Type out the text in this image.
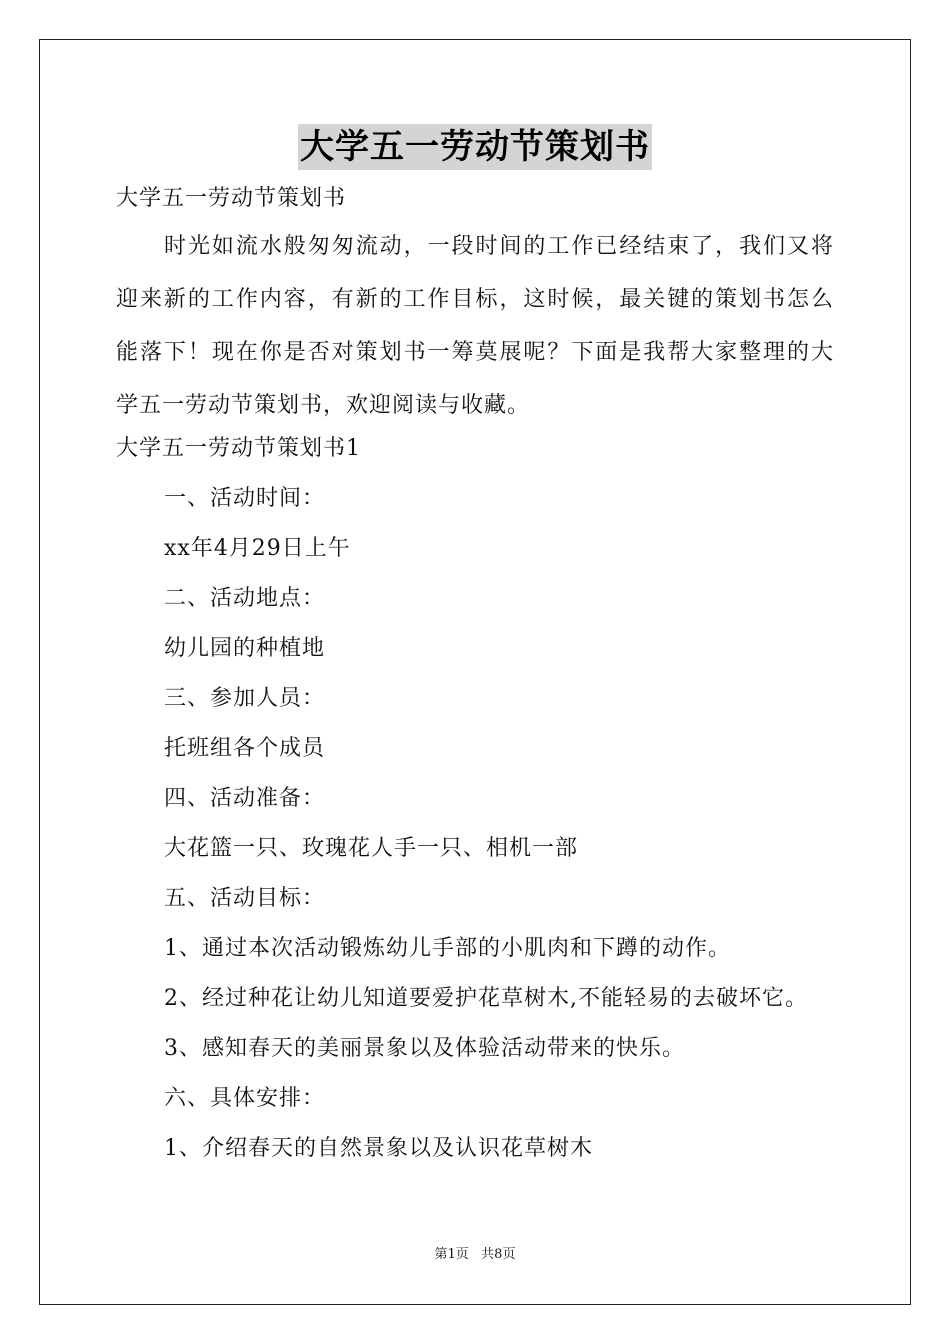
大学五一劳动节策划书
大学五一劳动节策划书
时光如流水般匆匆流动，一段时间的工作已经结束了，我们又将
迎来新的工作内容，有新的工作目标，这时候，最关键的策划书怎么
能落下！现在你是否对策划书一筹莫展呢？下面是我帮大家整理的大
学五一劳动节策划书，欢迎阅读与收藏。
大学五一劳动节策划书1
一、活动时间：
xx年4月29日上午
二、活动地点：
幼儿园的种植地
三、参加人员：
托班组各个成员
四、活动准备：
大花篮一只、玫瑰花人手一只、相机一部
五、活动目标：
1、通过本次活动锻炼幼儿手部的小肌肉和下蹲的动作。
2、经过种花让幼儿知道要爱护花草树木,不能轻易的去破坏它。
3、感知春天的美丽景象以及体验活动带来的快乐。
六、具体安排：
1、介绍春天的自然景象以及认识花草树木
第1页   共8页
